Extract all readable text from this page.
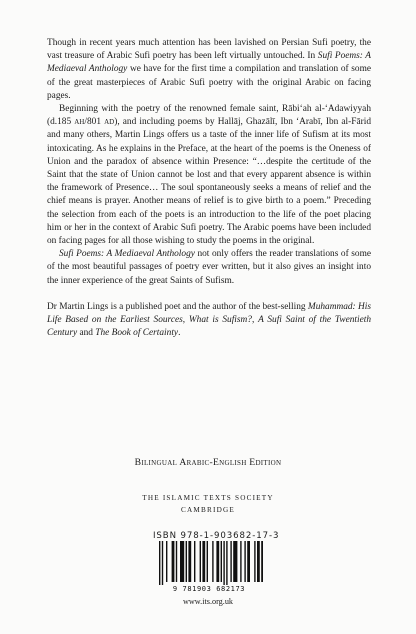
Though in recent years much attention has been lavished on Persian Sufi poetry, the vast treasure of Arabic Sufi poetry has been left virtually untouched. In Sufi Poems: A Mediaeval Anthology we have for the first time a compilation and translation of some of the great masterpieces of Arabic Sufi poetry with the original Arabic on facing pages.

Beginning with the poetry of the renowned female saint, Rābi‘ah al-‘Adawiyyah (d.185 ah/801 ad), and including poems by Hallāj, Ghazālī, Ibn ‘Arabī, Ibn al-Fārid and many others, Martin Lings offers us a taste of the inner life of Sufism at its most intoxicating. As he explains in the Preface, at the heart of the poems is the Oneness of Union and the paradox of absence within Presence: “…despite the certitude of the Saint that the state of Union cannot be lost and that every apparent absence is within the framework of Presence… The soul spontaneously seeks a means of relief and the chief means is prayer. Another means of relief is to give birth to a poem.” Preceding the selection from each of the poets is an introduction to the life of the poet placing him or her in the context of Arabic Sufi poetry. The Arabic poems have been included on facing pages for all those wishing to study the poems in the original.

Sufi Poems: A Mediaeval Anthology not only offers the reader translations of some of the most beautiful passages of poetry ever written, but it also gives an insight into the inner experience of the great Saints of Sufism.

Dr Martin Lings is a published poet and the author of the best-selling Muhammad: His Life Based on the Earliest Sources, What is Sufism?, A Sufi Saint of the Twentieth Century and The Book of Certainty.

Bilingual Arabic-English Edition
THE ISLAMIC TEXTS SOCIETY
CAMBRIDGE
ISBN 978-1-903682-17-3
9 781903 682173
www.its.org.uk
